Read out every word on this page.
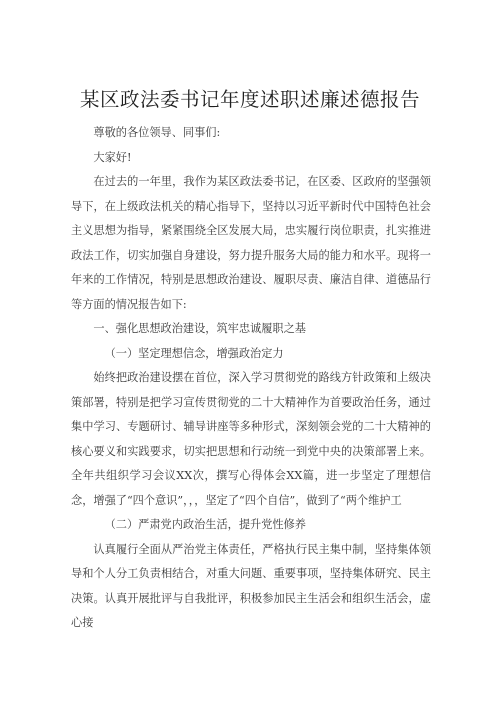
某区政法委书记年度述职述廉述德报告

尊敬的各位领导、同事们:

大家好!

在过去的一年里，我作为某区政法委书记，在区委、区政府的坚强领导下，在上级政法机关的精心指导下，坚持以习近平新时代中国特色社会主义思想为指导，紧紧围绕全区发展大局，忠实履行岗位职责，扎实推进政法工作，切实加强自身建设，努力提升服务大局的能力和水平。现将一年来的工作情况，特别是思想政治建设、履职尽责、廉洁自律、道德品行等方面的情况报告如下:

一、强化思想政治建设，筑牢忠诚履职之基

（一）坚定理想信念，增强政治定力

始终把政治建设摆在首位，深入学习贯彻党的路线方针政策和上级决策部署，特别是把学习宣传贯彻党的二十大精神作为首要政治任务，通过集中学习、专题研讨、辅导讲座等多种形式，深刻领会党的二十大精神的核心要义和实践要求，切实把思想和行动统一到党中央的决策部署上来。全年共组织学习会议XX次，撰写心得体会XX篇，进一步坚定了理想信念，增强了“四个意识”，，，坚定了“四个自信”，做到了“两个维护工

（二）严肃党内政治生活，提升党性修养

认真履行全面从严治党主体责任，严格执行民主集中制，坚持集体领导和个人分工负责相结合，对重大问题、重要事项，坚持集体研究、民主决策。认真开展批评与自我批评，积极参加民主生活会和组织生活会，虚心接
